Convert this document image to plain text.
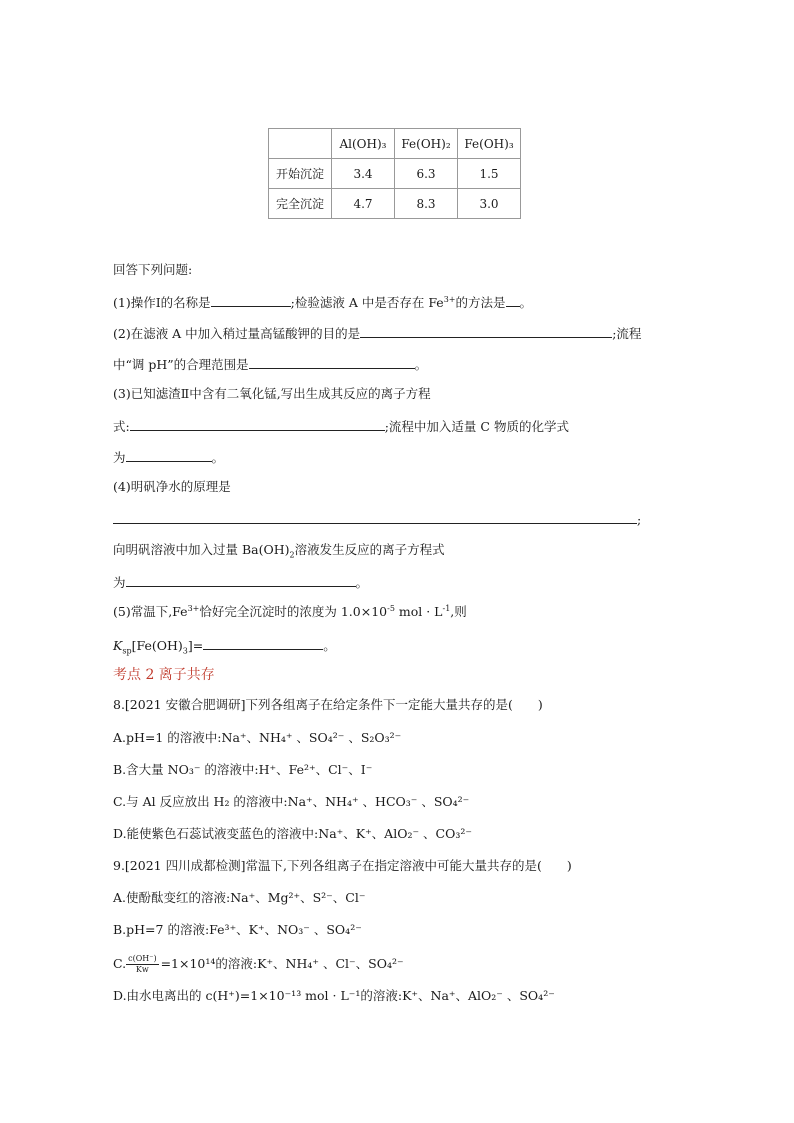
	Al(OH)₃	Fe(OH)₂	Fe(OH)₃
开始沉淀	3.4	6.3	1.5
完全沉淀	4.7	8.3	3.0
回答下列问题:
(1)操作Ⅰ的名称是	;检验滤液 A 中是否存在 $Fe^{3+}$的方法是 。
(2)在滤液 A 中加入稍过量高锰酸钾的目的是	;流程
中“调 pH”的合理范围是	。
(3)已知滤渣Ⅱ中含有二氧化锰,写出生成其反应的离子方程
式:	;流程中加入适量 C 物质的化学式
为	。
(4)明矾净水的原理是
;
向明矾溶液中加入过量 $Ba(OH)_2$溶液发生反应的离子方程式
为	。
(5)常温下$,Fe^{3+}$恰好完全沉淀时的浓度为 $1.0\times 10^{-5}$ mol · $L^{-1}$,则
$K_{sp}[Fe(OH)_3]=$	。
考点 2 离子共存
8.[2021 安徽合肥调研]下列各组离子在给定条件下一定能大量共存的是(　　)
A.pH=1 的溶液中:Na⁺、NH₄⁺ 、SO₄²⁻ 、S₂O₃²⁻
B.含大量 NO₃⁻ 的溶液中:H⁺、Fe²⁺、Cl⁻、I⁻
C.与 Al 反应放出 H₂ 的溶液中:Na⁺、NH₄⁺ 、HCO₃⁻ 、SO₄²⁻
D.能使紫色石蕊试液变蓝色的溶液中:Na⁺、K⁺、AlO₂⁻ 、CO₃²⁻
9.[2021 四川成都检测]常温下,下列各组离子在指定溶液中可能大量共存的是(　　)
A.使酚酞变红的溶液:Na⁺、Mg²⁺、S²⁻、Cl⁻
B.pH=7 的溶液:Fe³⁺、K⁺、NO₃⁻ 、SO₄²⁻
C. $\frac{c(OH^-)}{Kw} =1\times 10^{14}$的溶液:K⁺、NH₄⁺ 、Cl⁻、SO₄²⁻
D.由水电离出的 c(H⁺)=1×10⁻¹³ mol · L⁻¹的溶液:K⁺、Na⁺、AlO₂⁻ 、SO₄²⁻
